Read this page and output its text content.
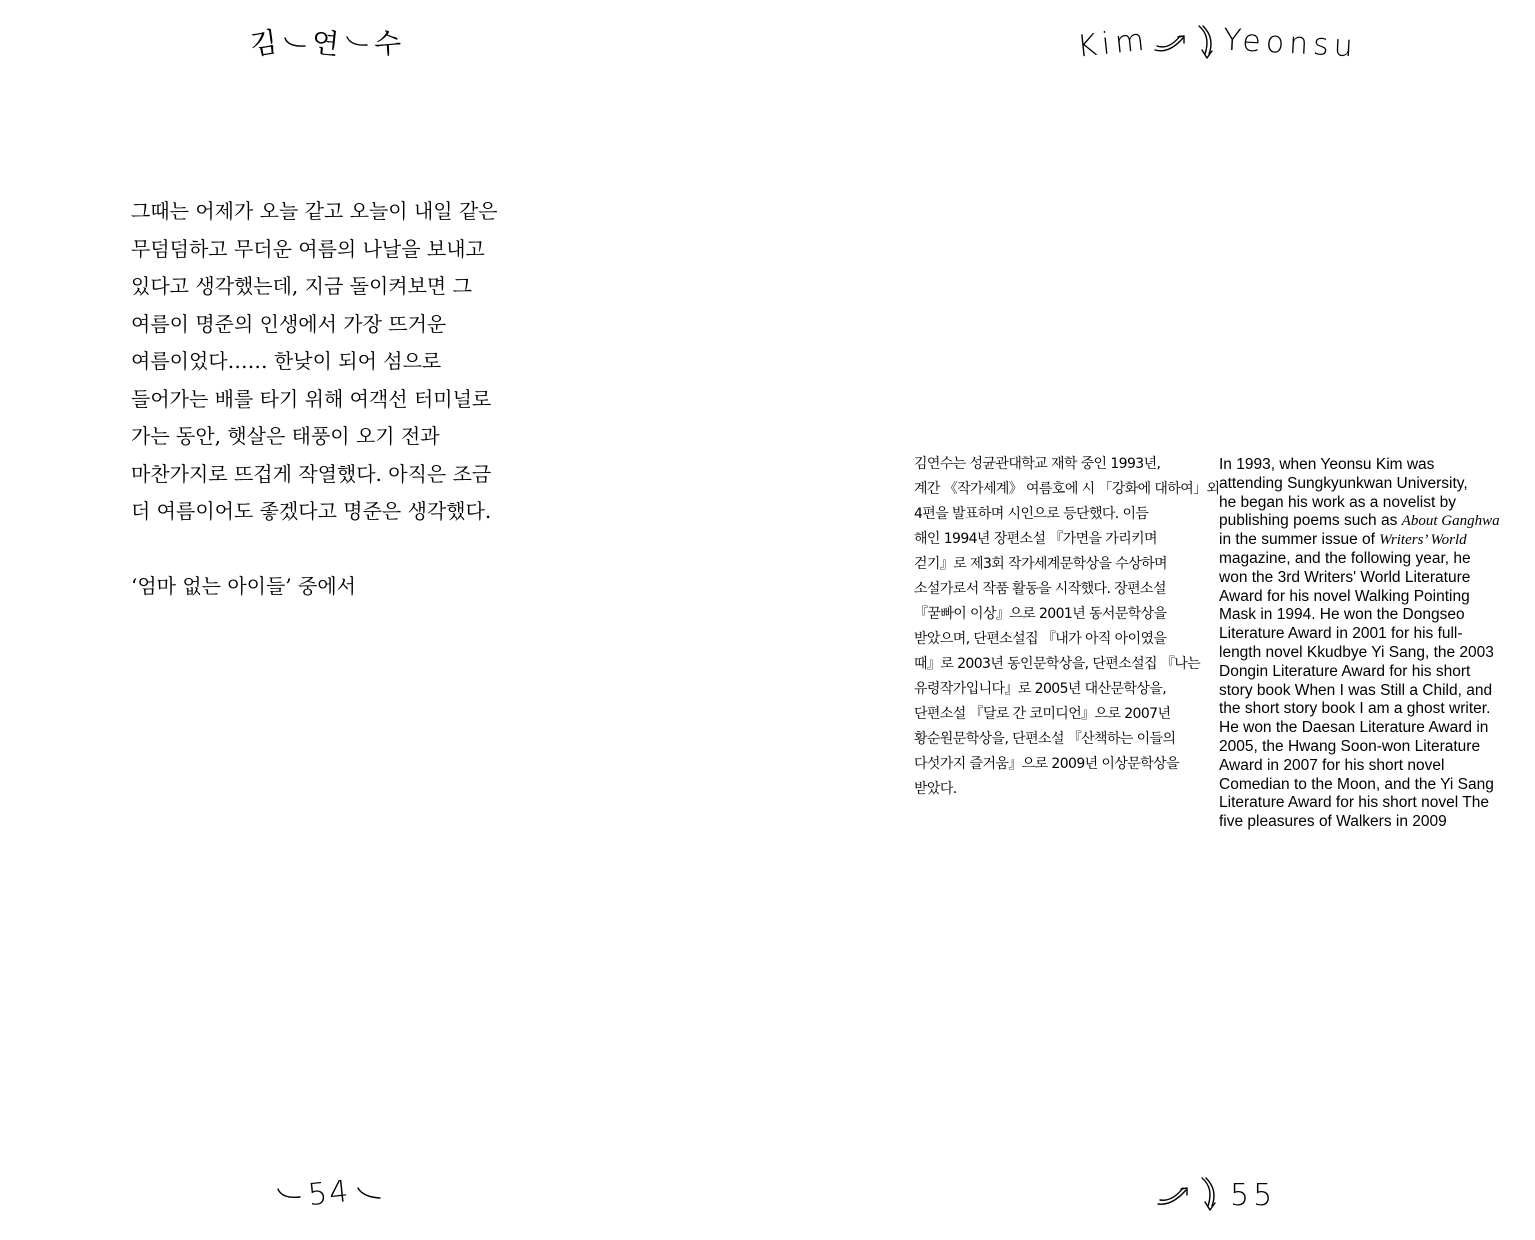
김 연 수
그때는 어제가 오늘 같고 오늘이 내일 같은
무덤덤하고 무더운 여름의 나날을 보내고
있다고 생각했는데, 지금 돌이켜보면 그
여름이 명준의 인생에서 가장 뜨거운
여름이었다…… 한낮이 되어 섬으로
들어가는 배를 타기 위해 여객선 터미널로
가는 동안, 햇살은 태풍이 오기 전과
마찬가지로 뜨겁게 작열했다. 아직은 조금
더 여름이어도 좋겠다고 명준은 생각했다.
‘엄마 없는 아이들’ 중에서
54
Kim Yeonsu
김연수는 성균관대학교 재학 중인 1993년,
계간 《작가세계》 여름호에 시 「강화에 대하여」외
4편을 발표하며 시인으로 등단했다. 이듬
해인 1994년 장편소설 『가면을 가리키며
걷기』로 제3회 작가세계문학상을 수상하며
소설가로서 작품 활동을 시작했다. 장편소설
『꾿빠이 이상』으로 2001년 동서문학상을
받았으며, 단편소설집 『내가 아직 아이였을
때』로 2003년 동인문학상을, 단편소설집 『나는
유령작가입니다』로 2005년 대산문학상을,
단편소설 『달로 간 코미디언』으로 2007년
황순원문학상을, 단편소설 『산책하는 이들의
다섯가지 즐거움』으로 2009년 이상문학상을
받았다.
In 1993, when Yeonsu Kim was
attending Sungkyunkwan University,
he began his work as a novelist by
publishing poems such as About Ganghwa
in the summer issue of Writers’ World
magazine, and the following year, he
won the 3rd Writers' World Literature
Award for his novel Walking Pointing
Mask in 1994. He won the Dongseo
Literature Award in 2001 for his full-
length novel Kkudbye Yi Sang, the 2003
Dongin Literature Award for his short
story book When I was Still a Child, and
the short story book I am a ghost writer.
He won the Daesan Literature Award in
2005, the Hwang Soon-won Literature
Award in 2007 for his short novel
Comedian to the Moon, and the Yi Sang
Literature Award for his short novel The
five pleasures of Walkers in 2009
55
